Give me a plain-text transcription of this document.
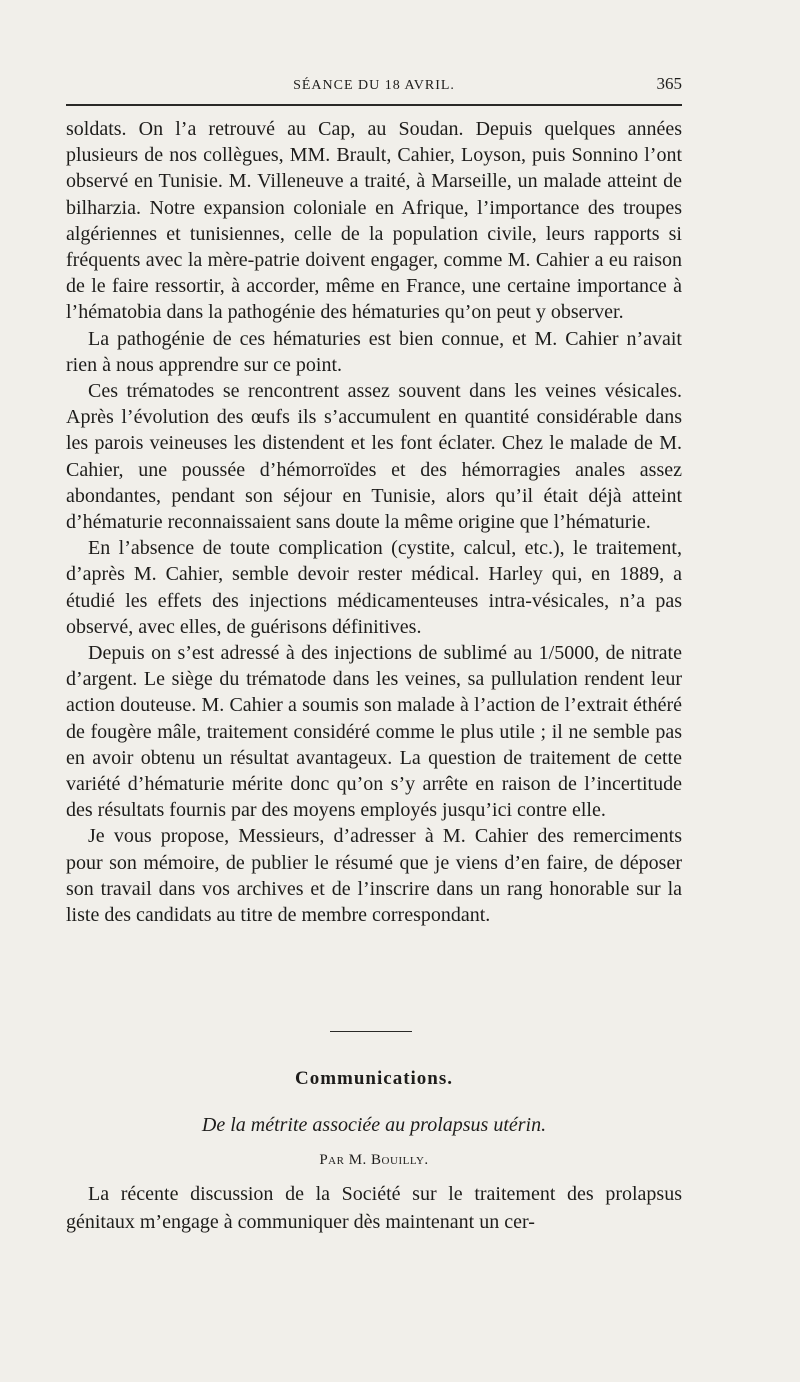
SÉANCE DU 18 AVRIL.	365

soldats. On l’a retrouvé au Cap, au Soudan. Depuis quelques années plusieurs de nos collègues, MM. Brault, Cahier, Loyson, puis Sonnino l’ont observé en Tunisie. M. Villeneuve a traité, à Marseille, un malade atteint de bilharzia. Notre expansion coloniale en Afrique, l’importance des troupes algériennes et tunisiennes, celle de la population civile, leurs rapports si fréquents avec la mère-patrie doivent engager, comme M. Cahier a eu raison de le faire ressortir, à accorder, même en France, une certaine importance à l’hématobia dans la pathogénie des hématuries qu’on peut y observer.

La pathogénie de ces hématuries est bien connue, et M. Cahier n’avait rien à nous apprendre sur ce point.

Ces trématodes se rencontrent assez souvent dans les veines vésicales. Après l’évolution des œufs ils s’accumulent en quantité considérable dans les parois veineuses les distendent et les font éclater. Chez le malade de M. Cahier, une poussée d’hémorroïdes et des hémorragies anales assez abondantes, pendant son séjour en Tunisie, alors qu’il était déjà atteint d’hématurie reconnaissaient sans doute la même origine que l’hématurie.

En l’absence de toute complication (cystite, calcul, etc.), le traitement, d’après M. Cahier, semble devoir rester médical. Harley qui, en 1889, a étudié les effets des injections médicamenteuses intra-vésicales, n’a pas observé, avec elles, de guérisons définitives.

Depuis on s’est adressé à des injections de sublimé au 1/5000, de nitrate d’argent. Le siège du trématode dans les veines, sa pullulation rendent leur action douteuse. M. Cahier a soumis son malade à l’action de l’extrait éthéré de fougère mâle, traitement considéré comme le plus utile ; il ne semble pas en avoir obtenu un résultat avantageux. La question de traitement de cette variété d’hématurie mérite donc qu’on s’y arrête en raison de l’incertitude des résultats fournis par des moyens employés jusqu’ici contre elle.

Je vous propose, Messieurs, d’adresser à M. Cahier des remerciments pour son mémoire, de publier le résumé que je viens d’en faire, de déposer son travail dans vos archives et de l’inscrire dans un rang honorable sur la liste des candidats au titre de membre correspondant.

Communications.
De la métrite associée au prolapsus utérin.
Par M. Bouilly.

La récente discussion de la Société sur le traitement des prolapsus génitaux m’engage à communiquer dès maintenant un cer-
